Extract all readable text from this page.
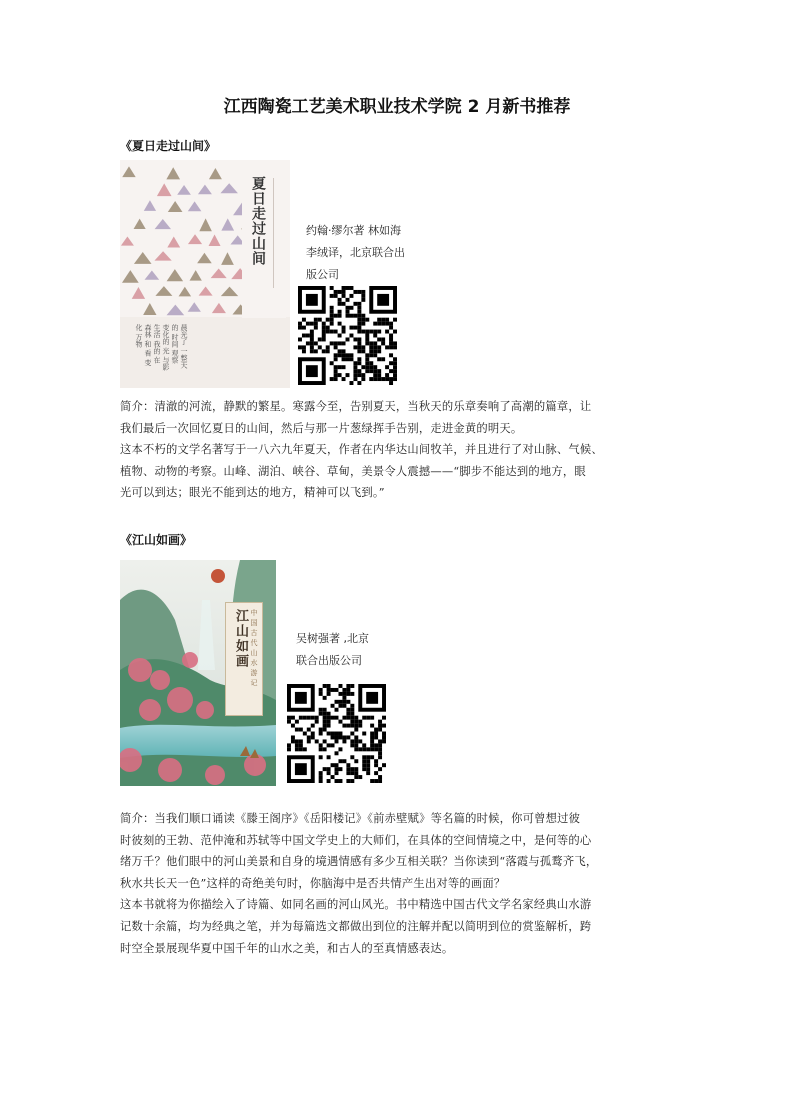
江西陶瓷工艺美术职业技术学院 2 月新书推荐
《夏日走过山间》
夏日走过山间
晨光了 一整天的 时间 观察 变化的 光 与影 生活 我的 在 森林 和 看 变化 万物
约翰·缪尔著 林如海
李绒译，北京联合出
版公司

简介：清澈的河流，静默的繁星。寒露今至，告别夏天，当秋天的乐章奏响了高潮的篇章，让

我们最后一次回忆夏日的山间，然后与那一片葱绿挥手告别，走进金黄的明天。

这本不朽的文学名著写于一八六九年夏天，作者在内华达山间牧羊，并且进行了对山脉、气候、

植物、动物的考察。山峰、湖泊、峡谷、草甸，美景令人震撼——“脚步不能达到的地方，眼

光可以到达；眼光不能到达的地方，精神可以飞到。”

《江山如画》
江山如画 中国古代山水游记	吴树强著 ,北京
联合出版公司

简介：当我们顺口诵读《滕王阁序》《岳阳楼记》《前赤壁赋》等名篇的时候，你可曾想过彼

时彼刻的王勃、范仲淹和苏轼等中国文学史上的大师们，在具体的空间情境之中，是何等的心

绪万千？他们眼中的河山美景和自身的境遇情感有多少互相关联？当你读到“落霞与孤鹜齐飞，

秋水共长天一色”这样的奇绝美句时，你脑海中是否共情产生出对等的画面？

这本书就将为你描绘入了诗篇、如同名画的河山风光。书中精选中国古代文学名家经典山水游

记数十余篇，均为经典之笔，并为每篇选文都做出到位的注解并配以简明到位的赏鉴解析，跨

时空全景展现华夏中国千年的山水之美，和古人的至真情感表达。
